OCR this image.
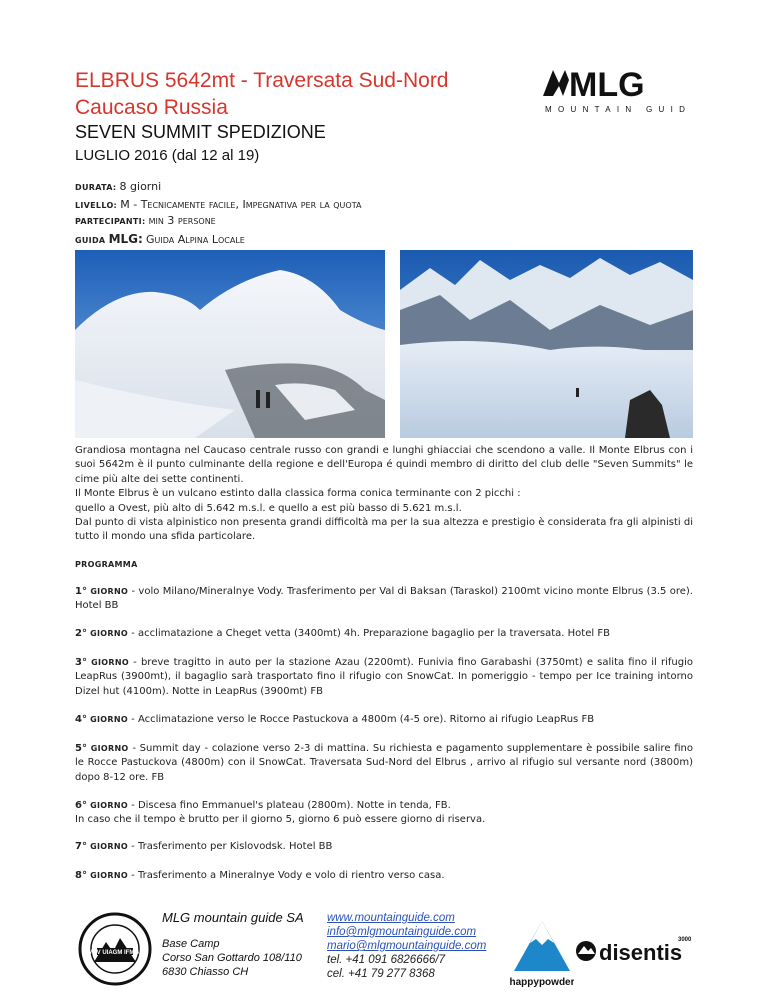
ELBRUS 5642mt - Traversata Sud-Nord
Caucaso Russia
SEVEN SUMMIT SPEDIZIONE
LUGLIO 2016 (dal 12 al 19)
MLG
MOUNTAIN GUIDE
DURATA: 8 giorni
LIVELLO: M - Tecnicamente facile, Impegnativa per la quota
PARTECIPANTI: min 3 persone
GUIDA MLG: Guida Alpina Locale
Grandiosa montagna nel Caucaso centrale russo con grandi e lunghi ghiacciai che scendono a valle. Il Monte Elbrus con i suoi 5642m è il punto culminante della regione e dell'Europa é quindi membro di diritto del club delle "Seven Summits" le cime più alte dei sette continenti.
Il Monte Elbrus è un vulcano estinto dalla classica forma conica terminante con 2 picchi :
quello a Ovest, più alto di 5.642 m.s.l. e quello a est più basso di 5.621 m.s.l.
Dal punto di vista alpinistico non presenta grandi difficoltà ma per la sua altezza e prestigio è considerata fra gli alpinisti di tutto il mondo una sfida particolare.
PROGRAMMA
1° GIORNO - volo Milano/Mineralnye Vody. Trasferimento per Val di Baksan (Taraskol) 2100mt vicino monte Elbrus (3.5 ore). Hotel BB
2° GIORNO - acclimatazione a Cheget vetta (3400mt) 4h. Preparazione bagaglio per la traversata. Hotel FB
3° GIORNO - breve tragitto in auto per la stazione Azau (2200mt). Funivia fino Garabashi (3750mt) e salita fino il rifugio LeapRus (3900mt), il bagaglio sarà trasportato fino il rifugio con SnowCat. In pomeriggio - tempo per Ice training intorno Dizel hut (4100m). Notte in LeapRus (3900mt) FB
4° GIORNO - Acclimatazione verso le Rocce Pastuckova a 4800m (4-5 ore). Ritorno ai rifugio LeapRus FB
5° GIORNO - Summit day - colazione verso 2-3 di mattina. Su richiesta e pagamento supplementare è possibile salire fino le Rocce Pastuckova (4800m) con il SnowCat. Traversata Sud-Nord del Elbrus , arrivo al rifugio sul versante nord (3800m) dopo 8-12 ore. FB
6° GIORNO - Discesa fino Emmanuel's plateau (2800m). Notte in tenda, FB.
In caso che il tempo è brutto per il giorno 5, giorno 6 può essere giorno di riserva.
7° GIORNO - Trasferimento per Kislovodsk. Hotel BB
8° GIORNO - Trasferimento a Mineralnye Vody e volo di rientro verso casa.
IVBV UIAGM IFMGA
MLG mountain guide SA
Base Camp
Corso San Gottardo 108/110
6830 Chiasso CH
www.mountainguide.com
info@mlgmountainguide.com
mario@mlgmountainguide.com
tel. +41 091 6826666/7
cel. +41 79 277 8368
happypowder
disentis
3000
